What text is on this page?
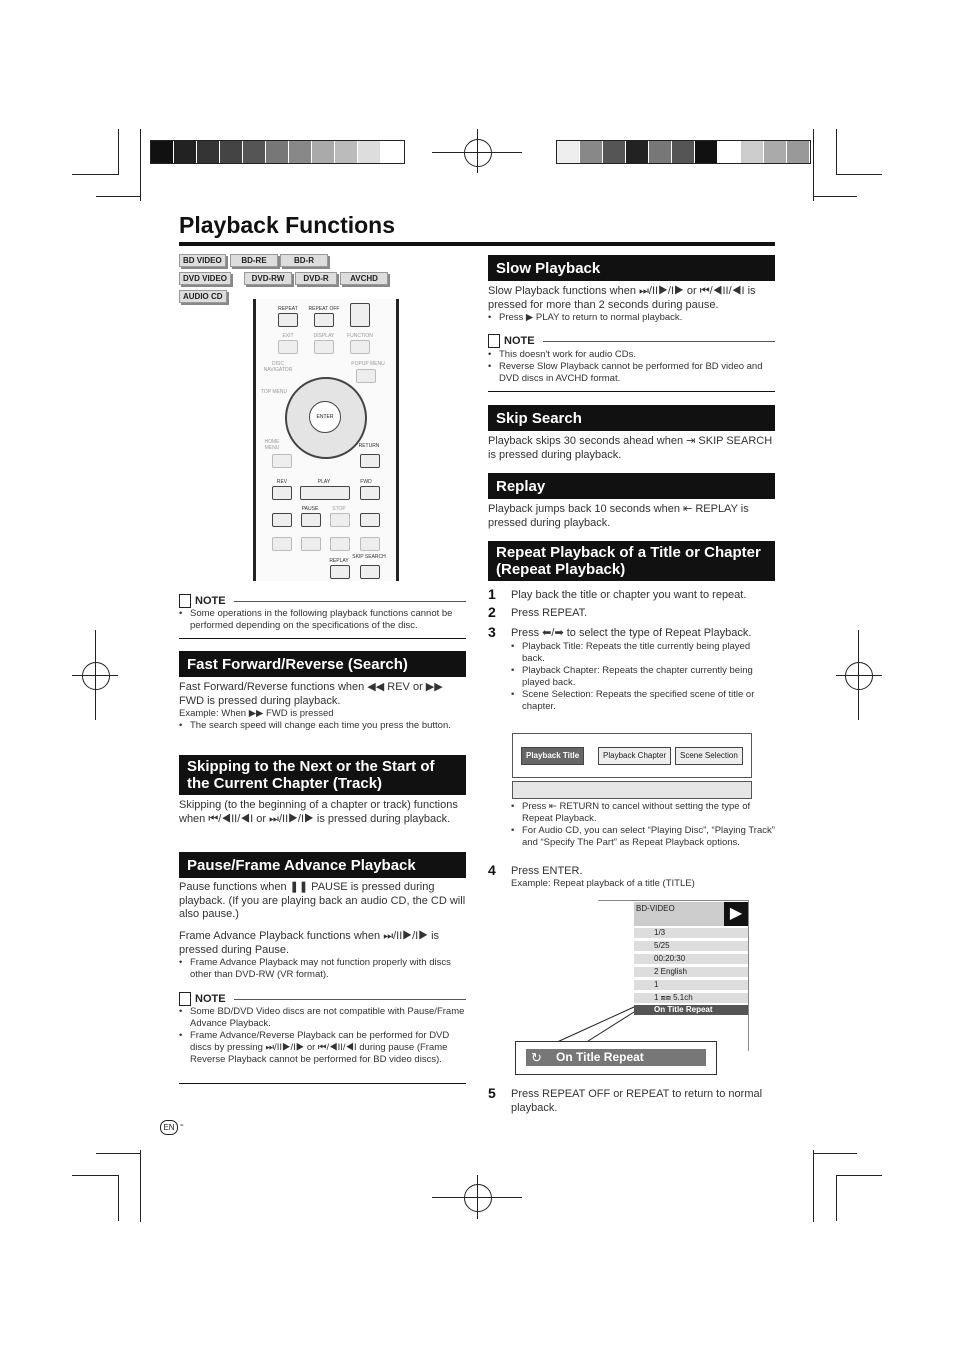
Playback Functions
BD VIDEO	BD-RE	BD-R
DVD VIDEO	DVD-RW	DVD-R	AVCHD
AUDIO CD
REPEAT	REPEAT OFF
EXIT	DISPLAY	FUNCTION
DISC NAVIGATOR
POPUP MENU
TOP MENU
ENTER
HOME MENU	RETURN
REV	PLAY	FWD
PAUSE	STOP
REPLAY
SKIP SEARCH
NOTE
• Some operations in the following playback functions cannot be performed depending on the specifications of the disc.
Fast Forward/Reverse (Search)
Fast Forward/Reverse functions when ◀◀ REV or ▶▶ FWD is pressed during playback.
Example: When ▶▶ FWD is pressed
• The search speed will change each time you press the button.
Skipping to the Next or the Start of the Current Chapter (Track)
Skipping (to the beginning of a chapter or track) functions when ⏮/◀II/◀I or ⏭/II▶/I▶ is pressed during playback.
Pause/Frame Advance Playback
Pause functions when ❚❚ PAUSE is pressed during playback. (If you are playing back an audio CD, the CD will also pause.)
Frame Advance Playback functions when ⏭/II▶/I▶ is pressed during Pause.
• Frame Advance Playback may not function properly with discs other than DVD-RW (VR format).
NOTE
• Some BD/DVD Video discs are not compatible with Pause/Frame Advance Playback.
• Frame Advance/Reverse Playback can be performed for DVD discs by pressing ⏭/II▶/I▶ or ⏮/◀II/◀I during pause (Frame Reverse Playback cannot be performed for BD video discs).
Slow Playback
Slow Playback functions when ⏭/II▶/I▶ or ⏮/◀II/◀I is pressed for more than 2 seconds during pause.
• Press ▶ PLAY to return to normal playback.
NOTE
• This doesn't work for audio CDs.
• Reverse Slow Playback cannot be performed for BD video and DVD discs in AVCHD format.
Skip Search
Playback skips 30 seconds ahead when ⇥ SKIP SEARCH is pressed during playback.
Replay
Playback jumps back 10 seconds when ⇤ REPLAY is pressed during playback.
Repeat Playback of a Title or Chapter (Repeat Playback)
1 Play back the title or chapter you want to repeat.
2 Press REPEAT.
3 Press ⬅/➡ to select the type of Repeat Playback.
• Playback Title: Repeats the title currently being played back.
• Playback Chapter: Repeats the chapter currently being played back.
• Scene Selection: Repeats the specified scene of title or chapter.
Playback Title	Playback Chapter	Scene Selection
• Press ⇤ RETURN to cancel without setting the type of Repeat Playback.
• For Audio CD, you can select “Playing Disc”, “Playing Track” and “Specify The Part” as Repeat Playback options.
4 Press ENTER.
Example: Repeat playback of a title (TITLE)
BD-VIDEO	▶
1/3
5/25
00:20:30
2 English
1
1 ⧈⧈ 5.1ch
On Title Repeat
On Title Repeat
↻
5 Press REPEAT OFF or REPEAT to return to normal playback.
EN -
